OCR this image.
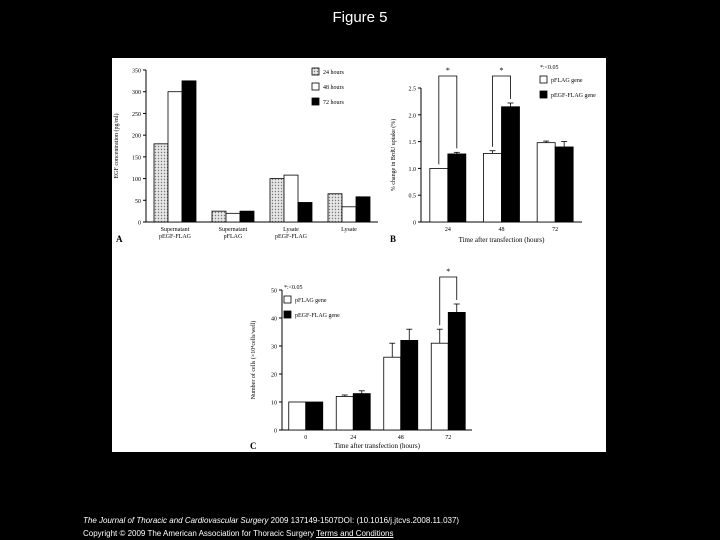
Figure 5
0
50
100
150
200
250
300
350
EGF concentration (pg/ml)
A
Supernatant
pEGF-FLAG
Supernatant
pFLAG
Lysate
pEGF-FLAG
Lysate
24 hours
48 hours
72 hours
0
0.5
1.0
1.5
2.0
2.5
% change in BrdU uptake (%)
Time after transfection (hours)
B
24	48	72
*	*	*:<0.05
pFLAG gene
pEGF-FLAG gene
0
10
20
30
40
50
Number of cells (×10⁴cells/well)
Time after transfection (hours)
C
0	24	48	72
*
*:<0.05
pFLAG gene
pEGF-FLAG gene
The Journal of Thoracic and Cardiovascular Surgery 2009 137149-1507DOI: (10.1016/j.jtcvs.2008.11.037)
Copyright © 2009 The American Association for Thoracic Surgery Terms and Conditions
